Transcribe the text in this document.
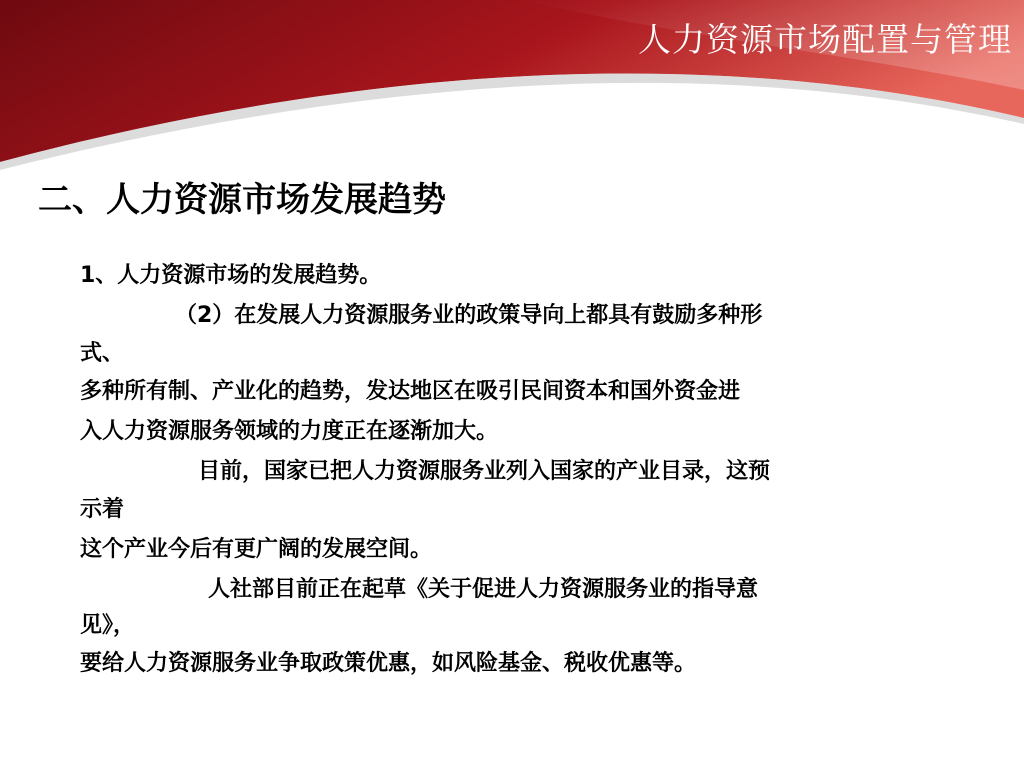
人力资源市场配置与管理
二、人力资源市场发展趋势
1、人力资源市场的发展趋势。
（2）在发展人力资源服务业的政策导向上都具有鼓励多种形
式、
多种所有制、产业化的趋势，发达地区在吸引民间资本和国外资金进
入人力资源服务领域的力度正在逐渐加大。
目前，国家已把人力资源服务业列入国家的产业目录，这预
示着
这个产业今后有更广阔的发展空间。
人社部目前正在起草《关于促进人力资源服务业的指导意
见》，
要给人力资源服务业争取政策优惠，如风险基金、税收优惠等。
